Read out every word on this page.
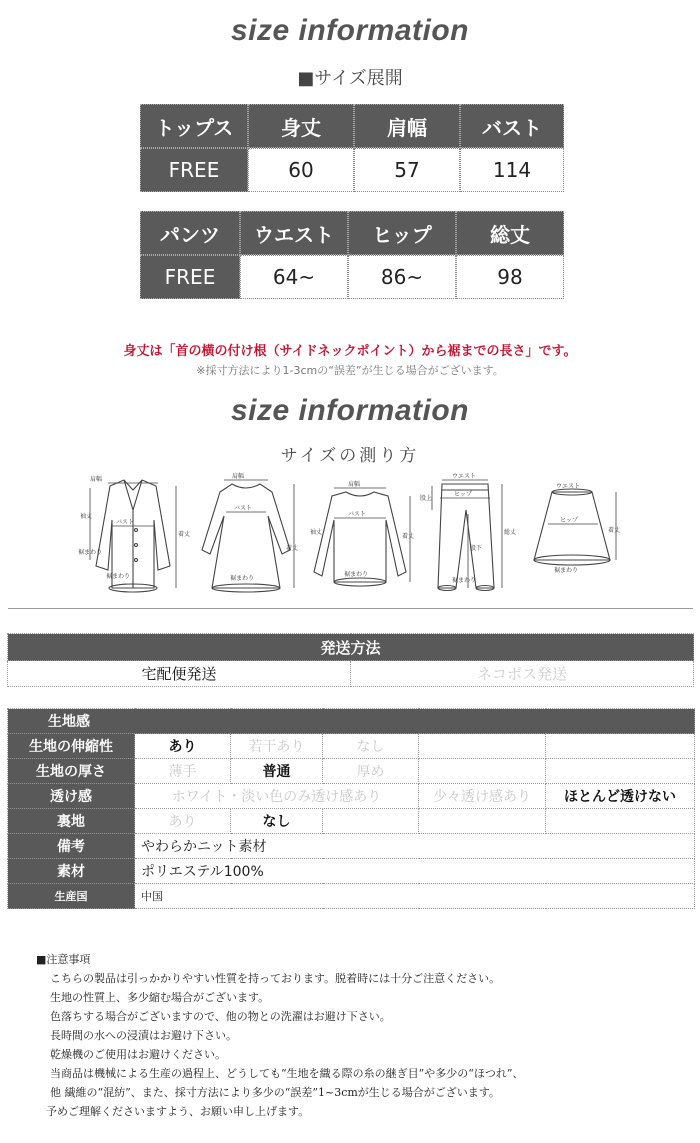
size information
■サイズ展開
トップス	身丈	肩幅	バスト
FREE	60	57	114
パンツ	ウエスト	ヒップ	総丈
FREE	64~	86~	98
身丈は「首の横の付け根（サイドネックポイント）から裾までの長さ」です。
※採寸方法により1-3cmの“誤差”が生じる場合がございます。
size information
サイズの測り方
肩幅
袖丈
バスト
着丈
裾まわり
裾まわり
肩幅
バスト
着丈
裾まわり
肩幅
バスト
袖丈
着丈
裾まわり
ウエスト
ヒップ
股上
股下
総丈
裾まわり
ウエスト
ヒップ
着丈
裾まわり
発送方法
宅配便発送	ネコポス発送
生地感					
生地の伸縮性	あり	若干あり	なし		
生地の厚さ	薄手	普通	厚め		
透け感	ホワイト・淡い色のみ透け感あり			少々透け感あり	ほとんど透けない
裏地	あり	なし			
備考	やわらかニット素材				
素材	ポリエステル100%				
生産国	中国				
■注意事項
こちらの製品は引っかかりやすい性質を持っております。脱着時には十分ご注意ください。
生地の性質上、多少縮む場合がございます。
色落ちする場合がございますので、他の物との洗濯はお避け下さい。
長時間の水への浸漬はお避け下さい。
乾燥機のご使用はお避けください。
当商品は機械による生産の過程上、どうしても“生地を織る際の糸の継ぎ目”や多少の“ほつれ”、
他 繊維の“混紡”、また、採寸方法により多少の“誤差”1~3cmが生じる場合がございます。
予めご理解くださいますよう、お願い申し上げます。
